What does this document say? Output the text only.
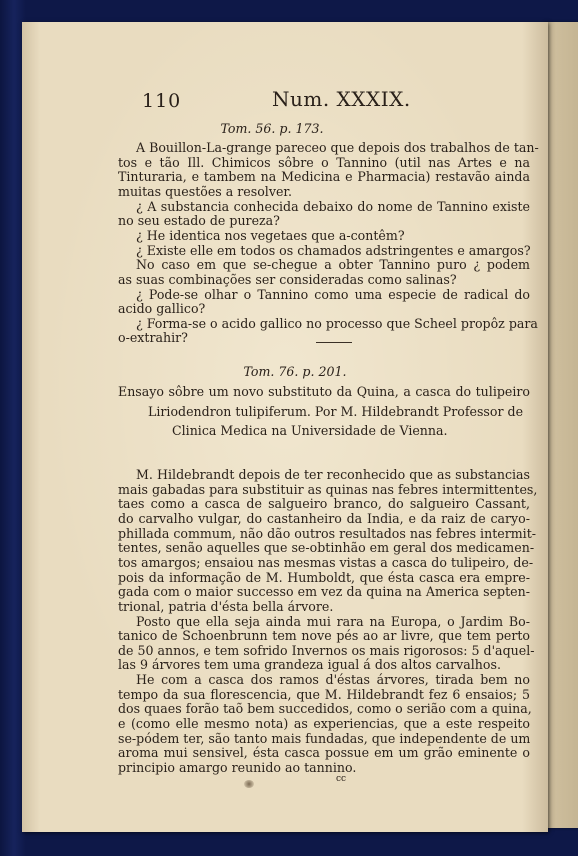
110	Num. XXXIX.
Tom. 56. p. 173.
A Bouillon-La-grange pareceo que depois dos trabalhos de tan-
tos e tão Ill. Chimicos sôbre o Tannino (util nas Artes e na
Tinturaria, e tambem na Medicina e Pharmacia) restavão ainda
muitas questões a resolver.
¿ A substancia conhecida debaixo do nome de Tannino existe
no seu estado de pureza?
¿ He identica nos vegetaes que a-contêm?
¿ Existe elle em todos os chamados adstringentes e amargos?
No caso em que se-chegue a obter Tannino puro ¿ podem
as suas combinações ser consideradas como salinas?
¿ Pode-se olhar o Tannino como uma especie de radical do
acido gallico?
¿ Forma-se o acido gallico no processo que Scheel propôz para
o-extrahir?
Tom. 76. p. 201.
Ensayo sôbre um novo substituto da Quina, a casca do tulipeiro
Liriodendron tulipiferum. Por M. Hildebrandt Professor de
Clinica Medica na Universidade de Vienna.
M. Hildebrandt depois de ter reconhecido que as substancias
mais gabadas para substituir as quinas nas febres intermittentes,
taes como a casca de salgueiro branco, do salgueiro Cassant,
do carvalho vulgar, do castanheiro da India, e da raiz de caryo-
phillada commum, não dão outros resultados nas febres intermit-
tentes, senão aquelles que se-obtinhão em geral dos medicamen-
tos amargos; ensaiou nas mesmas vistas a casca do tulipeiro, de-
pois da informação de M. Humboldt, que ésta casca era empre-
gada com o maior successo em vez da quina na America septen-
trional, patria d'ésta bella árvore.
Posto que ella seja ainda mui rara na Europa, o Jardim Bo-
tanico de Schoenbrunn tem nove pés ao ar livre, que tem perto
de 50 annos, e tem sofrido Invernos os mais rigorosos: 5 d'aquel-
las 9 árvores tem uma grandeza igual á dos altos carvalhos.
He com a casca dos ramos d'éstas árvores, tirada bem no
tempo da sua florescencia, que M. Hildebrandt fez 6 ensaios; 5
dos quaes forão taõ bem succedidos, como o serião com a quina,
e (como elle mesmo nota) as experiencias, que a este respeito
se-pódem ter, são tanto mais fundadas, que independente de um
aroma mui sensivel, ésta casca possue em um grão eminente o
principio amargo reunido ao tannino.
cc
